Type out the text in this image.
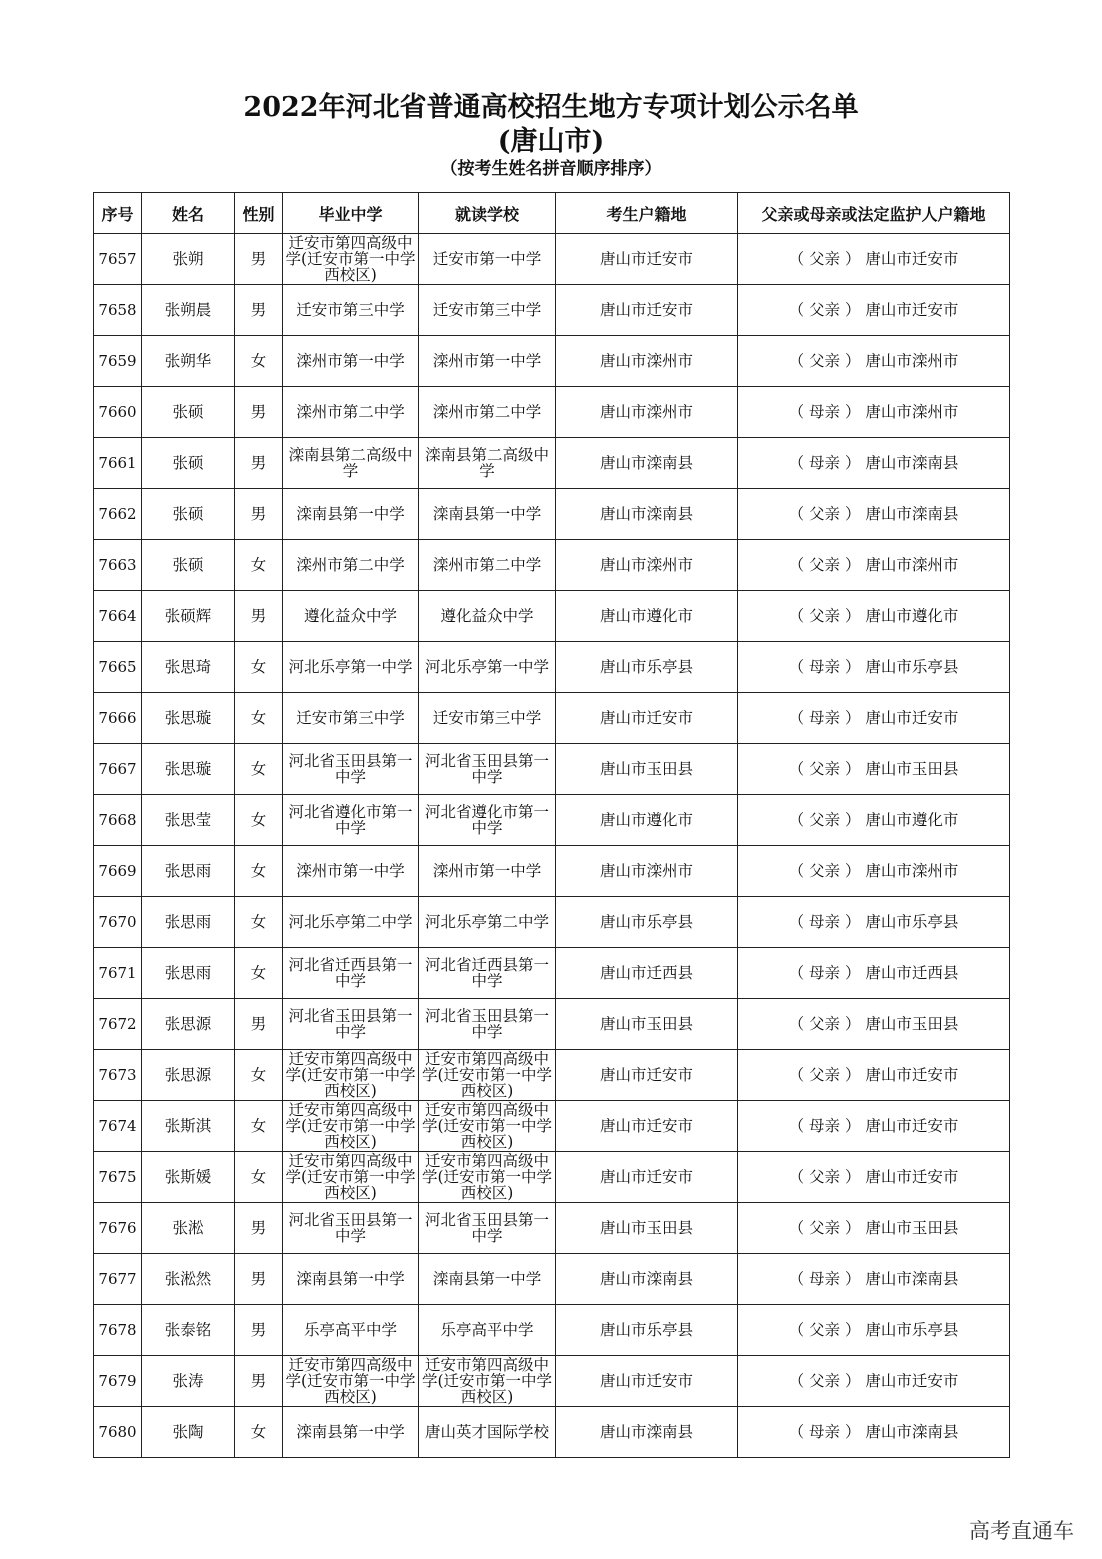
2022年河北省普通高校招生地方专项计划公示名单
(唐山市)
（按考生姓名拼音顺序排序）
序号	姓名	性别	毕业中学	就读学校	考生户籍地	父亲或母亲或法定监护人户籍地
7657	张朔	男	迁安市第四高级中学(迁安市第一中学西校区)	迁安市第一中学	唐山市迁安市	（ 父亲 ） 唐山市迁安市
7658	张朔晨	男	迁安市第三中学	迁安市第三中学	唐山市迁安市	（ 父亲 ） 唐山市迁安市
7659	张朔华	女	滦州市第一中学	滦州市第一中学	唐山市滦州市	（ 父亲 ） 唐山市滦州市
7660	张硕	男	滦州市第二中学	滦州市第二中学	唐山市滦州市	（ 母亲 ） 唐山市滦州市
7661	张硕	男	滦南县第二高级中学	滦南县第二高级中学	唐山市滦南县	（ 母亲 ） 唐山市滦南县
7662	张硕	男	滦南县第一中学	滦南县第一中学	唐山市滦南县	（ 父亲 ） 唐山市滦南县
7663	张硕	女	滦州市第二中学	滦州市第二中学	唐山市滦州市	（ 父亲 ） 唐山市滦州市
7664	张硕辉	男	遵化益众中学	遵化益众中学	唐山市遵化市	（ 父亲 ） 唐山市遵化市
7665	张思琦	女	河北乐亭第一中学	河北乐亭第一中学	唐山市乐亭县	（ 母亲 ） 唐山市乐亭县
7666	张思璇	女	迁安市第三中学	迁安市第三中学	唐山市迁安市	（ 母亲 ） 唐山市迁安市
7667	张思璇	女	河北省玉田县第一中学	河北省玉田县第一中学	唐山市玉田县	（ 父亲 ） 唐山市玉田县
7668	张思莹	女	河北省遵化市第一中学	河北省遵化市第一中学	唐山市遵化市	（ 父亲 ） 唐山市遵化市
7669	张思雨	女	滦州市第一中学	滦州市第一中学	唐山市滦州市	（ 父亲 ） 唐山市滦州市
7670	张思雨	女	河北乐亭第二中学	河北乐亭第二中学	唐山市乐亭县	（ 母亲 ） 唐山市乐亭县
7671	张思雨	女	河北省迁西县第一中学	河北省迁西县第一中学	唐山市迁西县	（ 母亲 ） 唐山市迁西县
7672	张思源	男	河北省玉田县第一中学	河北省玉田县第一中学	唐山市玉田县	（ 父亲 ） 唐山市玉田县
7673	张思源	女	迁安市第四高级中学(迁安市第一中学西校区)	迁安市第四高级中学(迁安市第一中学西校区)	唐山市迁安市	（ 父亲 ） 唐山市迁安市
7674	张斯淇	女	迁安市第四高级中学(迁安市第一中学西校区)	迁安市第四高级中学(迁安市第一中学西校区)	唐山市迁安市	（ 母亲 ） 唐山市迁安市
7675	张斯媛	女	迁安市第四高级中学(迁安市第一中学西校区)	迁安市第四高级中学(迁安市第一中学西校区)	唐山市迁安市	（ 父亲 ） 唐山市迁安市
7676	张淞	男	河北省玉田县第一中学	河北省玉田县第一中学	唐山市玉田县	（ 父亲 ） 唐山市玉田县
7677	张淞然	男	滦南县第一中学	滦南县第一中学	唐山市滦南县	（ 母亲 ） 唐山市滦南县
7678	张泰铭	男	乐亭高平中学	乐亭高平中学	唐山市乐亭县	（ 父亲 ） 唐山市乐亭县
7679	张涛	男	迁安市第四高级中学(迁安市第一中学西校区)	迁安市第四高级中学(迁安市第一中学西校区)	唐山市迁安市	（ 父亲 ） 唐山市迁安市
7680	张陶	女	滦南县第一中学	唐山英才国际学校	唐山市滦南县	（ 母亲 ） 唐山市滦南县
高考直通车
